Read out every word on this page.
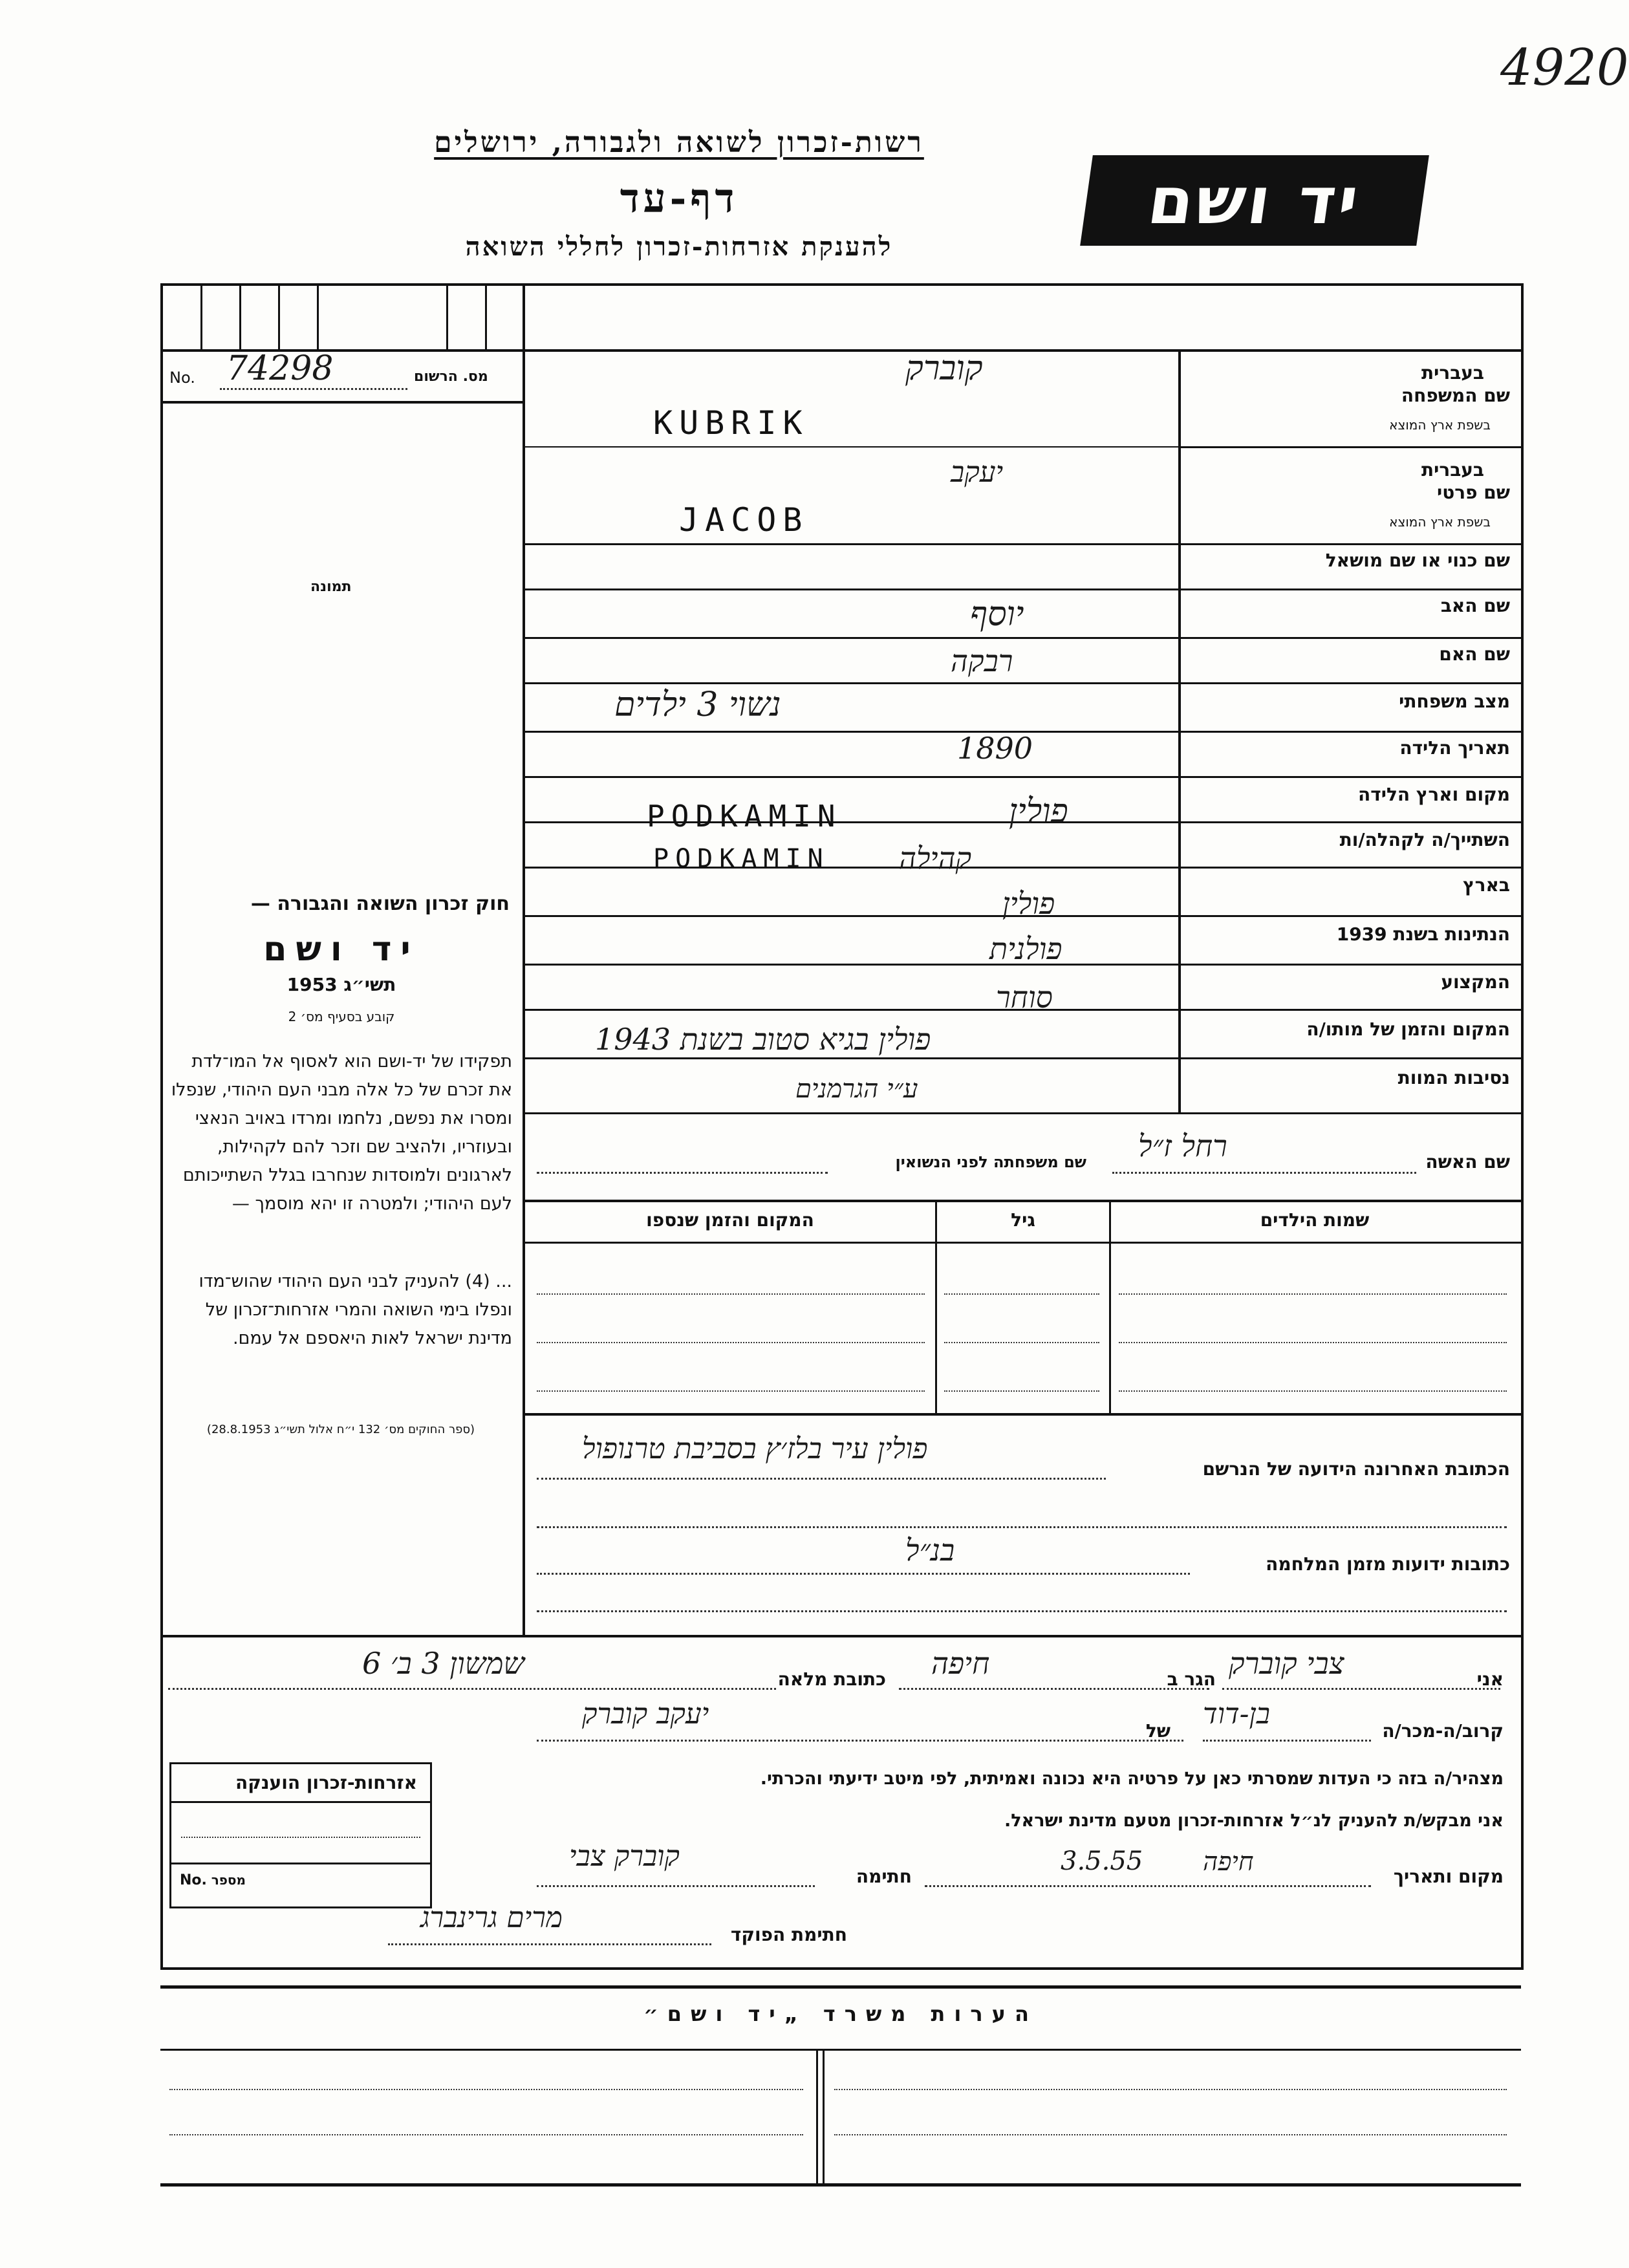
4920
רשות-זכרון לשואה ולגבורה, ירושלים
דף-עד
להענקת אזרחות-זכרון לחללי השואה
יד ושם
מס. הרשום
No. 74298
תמונה
חוק זכרון השואה והגבורה —
יד ושם
תשי״ג 1953
קובע בסעיף מס׳ 2
תפקידו של יד-ושם הוא לאסוף אל המו־לדת את זכרם של כל אלה מבני העם היהודי, שנפלו ומסרו את נפשם, נלחמו ומרדו באויב הנאצי ובעוזריו, ולהציב שם וזכר להם לקהילות, לארגונים ולמוסדות שנחרבו בגלל השתייכותם לעם היהודי; ולמטרה זו יהא מוסמך —
... (4) להעניק לבני העם היהודי שהוש־מדו ונפלו בימי השואה והמרי אזרחות־זכרון של מדינת ישראל לאות היאספם אל עמם.
(ספר החוקים מס׳ 132 י״ח אלול תשי״ג 28.8.1953)
בעברית
שם המשפחה
בשפת ארץ המוצא
בעברית
שם פרטי
בשפת ארץ המוצא
שם כנוי או שם מושאל
שם האב
שם האם
מצב משפחתי
תאריך הלידה
מקום וארץ הלידה
השתייך/ה לקהלה/ות
בארץ
הנתינות בשנת 1939
המקצוע
המקום והזמן של מותו/ה
נסיבות המוות
קוברק
KUBRIK
יעקב
JACOB
יוסף
רבקה
נשוי 3 ילדים
1890
PODKAMIN	פולין
PODKAMIN קהילה
פולין
פולנית
סוחר
פולין בגיא סטוב בשנת 1943
ע״י הגרמנים
שם האשה
רחל ז״ל
שם משפחתה לפני הנשואין
שמות הילדים
גיל
המקום והזמן שנספו
הכתובת האחרונה הידועה של הנרשם
פולין עיר בלז׳ץ בסביבת טרנופול
כתובות ידועות מזמן המלחמה
בנ״ל
אני
צבי קוברק
הגר ב
חיפה
כתובת מלאה
שמשון 3 ב׳ 6
קרוב/ה-מכר/ה
בן-דוד
של
יעקב קוברק
מצהיר/ה בזה כי העדות שמסרתי כאן על פרטיה היא נכונה ואמיתית, לפי מיטב ידיעתי והכרתי.
אני מבקש/ת להעניק לנ״ל אזרחות-זכרון מטעם מדינת ישראל.
מקום ותאריך
חיפה
3.5.55
חתימה
קוברק צבי
חתימת הפוקד
מרים גרינברג
אזרחות-זכרון הוענקה
מספר
No.
הערות משרד „יד ושם״
